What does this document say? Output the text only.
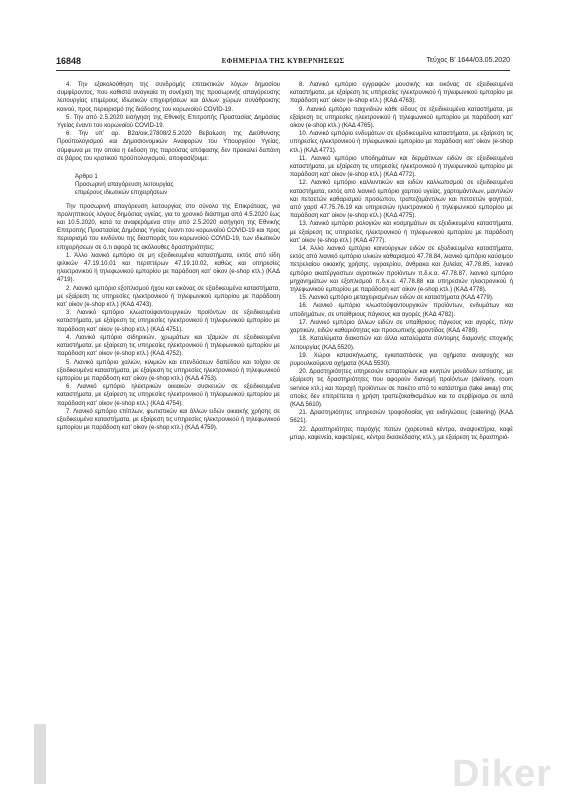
16848	ΕΦΗΜΕΡΙΔΑ ΤΗΣ ΚΥΒΕΡΝΗΣΕΩΣ	Τεύχος B’ 1644/03.05.2020

4. Την εξακολούθηση της συνδρομής επιτακτικών λόγων δημοσίου συμφέροντος, που καθιστά αναγκαία τη συνέχιση της προσωρινής απαγόρευσης λειτουργίας επιμέρους ιδιωτικών επιχειρήσεων και άλλων χώρων συνάθροισης κοινού, προς περιορισμό της διάδοσης του κορωνοϊού COVID-19.

5. Την από 2.5.2020 εισήγηση της Εθνικής Επιτροπής Προστασίας Δημόσιας Υγείας έναντι του κορωνοϊού COVID-19.

6. Την υπ’ αρ. Β2α/οικ.27808/2.5.2020 Βεβαίωση της Διεύθυνσης Προϋπολογισμού και Δημοσιονομικών Αναφορών του Υπουργείου Υγείας, σύμφωνα με την οποία η έκδοση της παρούσας απόφασης δεν προκαλεί δαπάνη σε βάρος του κρατικού προϋπολογισμού, αποφασίζουμε:

Άρθρο 1

Προσωρινή απαγόρευση λειτουργίας

επιμέρους ιδιωτικών επιχειρήσεων

Την προσωρινή απαγόρευση λειτουργίας στο σύνολο της Επικράτειας, για προληπτικούς λόγους δημόσιας υγείας, για το χρονικό διάστημα από 4.5.2020 έως και 10.5.2020, κατά τα αναφερόμενα στην από 2.5.2020 εισήγηση της Εθνικής Επιτροπής Προστασίας Δημόσιας Υγείας έναντι του κορωνοϊού COVID-19 και προς περιορισμό του κινδύνου της διασποράς του κορωνοϊού COVID-19, των ιδιωτικών επιχειρήσεων σε ό,τι αφορά τις ακόλουθες δραστηριότητες:

1. Άλλο λιανικό εμπόριο σε μη εξειδικευμένα καταστήματα, εκτός από είδη ψιλικών 47.19.10.01 και περιπτέρων 47.19.10.02, καθώς και υπηρεσίες ηλεκτρονικού ή τηλεφωνικού εμπορίου με παράδοση κατ’ οίκον (e-shop κτλ.) (ΚΑΔ 4719).

2. Λιανικό εμπόριο εξοπλισμού ήχου και εικόνας σε εξειδικευμένα καταστήματα, με εξαίρεση τις υπηρεσίες ηλεκτρονικού ή τηλεφωνικού εμπορίου με παράδοση κατ’ οίκον (e-shop κτλ.) (ΚΑΔ 4743).

3. Λιανικό εμπόριο κλωστοϋφαντουργικών προϊόντων σε εξειδικευμένα καταστήματα, με εξαίρεση τις υπηρεσίες ηλεκτρονικού ή τηλεφωνικού εμπορίου με παράδοση κατ’ οίκον (e-shop κτλ.) (ΚΑΔ 4751).

4. Λιανικό εμπόριο σιδηρικών, χρωμάτων και τζαμιών σε εξειδικευμένα καταστήματα, με εξαίρεση τις υπηρεσίες ηλεκτρονικού ή τηλεφωνικού εμπορίου με παράδοση κατ’ οίκον (e-shop κτλ.) (ΚΑΔ 4752).

5. Λιανικό εμπόριο χαλιών, κιλιμιών και επενδύσεων δαπέδου και τοίχου σε εξειδικευμένα καταστήματα, με εξαίρεση τις υπηρεσίες ηλεκτρονικού ή τηλεφωνικού εμπορίου με παράδοση κατ’ οίκον (e-shop κτλ.) (ΚΑΔ 4753).

6. Λιανικό εμπόριο ηλεκτρικών οικιακών συσκευών σε εξειδικευμένα καταστήματα, με εξαίρεση τις υπηρεσίες ηλεκτρονικού ή τηλεφωνικού εμπορίου με παράδοση κατ’ οίκον (e-shop κτλ.) (ΚΑΔ 4754).

7. Λιανικό εμπόριο επίπλων, φωτιστικών και άλλων ειδών οικιακής χρήσης σε εξειδικευμένα καταστήματα, με εξαίρεση τις υπηρεσίες ηλεκτρονικού ή τηλεφωνικού εμπορίου με παράδοση κατ’ οίκον (e-shop κτλ.) (ΚΑΔ 4759).

8. Λιανικό εμπόριο εγγραφών μουσικής και εικόνας σε εξειδικευμένα καταστήματα, με εξαίρεση τις υπηρεσίες ηλεκτρονικού ή τηλεφωνικού εμπορίου με παράδοση κατ’ οίκον (e-shop κτλ.) (ΚΑΔ 4763).

9. Λιανικό εμπόριο παιχνιδιών κάθε είδους σε εξειδικευμένα καταστήματα, με εξαίρεση τις υπηρεσίες ηλεκτρονικού ή τηλεφωνικού εμπορίου με παράδοση κατ’ οίκον (e-shop κτλ.) (ΚΑΔ 4765).

10. Λιανικό εμπόριο ενδυμάτων σε εξειδικευμένα καταστήματα, με εξαίρεση τις υπηρεσίες ηλεκτρονικού ή τηλεφωνικού εμπορίου με παράδοση κατ’ οίκον (e-shop κτλ.) (ΚΑΔ 4771).

11. Λιανικό εμπόριο υποδημάτων και δερμάτινων ειδών σε εξειδικευμένα καταστήματα, με εξαίρεση τις υπηρεσίες ηλεκτρονικού ή τηλεφωνικού εμπορίου με παράδοση κατ’ οίκον (e-shop κτλ.) (ΚΑΔ 4772).

12. Λιανικό εμπόριο καλλυντικών και ειδών καλλωπισμού σε εξειδικευμένα καταστήματα, εκτός από λιανικό εμπόριο χαρτιού υγείας, χαρτομάντιλων, μαντιλιών και πετσετών καθαρισμού προσώπου, τραπεζομάντιλων και πετσετών φαγητού, από χαρτί 47.75.76.19 και υπηρεσιών ηλεκτρονικού ή τηλεφωνικού εμπορίου με παράδοση κατ’ οίκον (e-shop κτλ.) (ΚΑΔ 4775).

13. Λιανικό εμπόριο ρολογιών και κοσμημάτων σε εξειδικευμένα καταστήματα, με εξαίρεση τις υπηρεσίες ηλεκτρονικού ή τηλεφωνικού εμπορίου με παράδοση κατ’ οίκον (e-shop κτλ.) (ΚΑΔ 4777).

14. Άλλο λιανικό εμπόριο καινούργιων ειδών σε εξειδικευμένα καταστήματα, εκτός από λιανικό εμπόριο υλικών καθαρισμού 47.78.84, λιανικό εμπόριο καύσιμου πετρελαίου οικιακής χρήσης, υγραερίου, άνθρακα και ξυλείας 47.78.85, λιανικό εμπόριο ακατέργαστων αγροτικών προϊόντων π.δ.κ.α. 47.78.87, λιανικό εμπόριο μηχανημάτων και εξοπλισμού π.δ.κ.α. 47.78.88 και υπηρεσιών ηλεκτρονικού ή τηλεφωνικού εμπορίου με παράδοση κατ’ οίκον (e-shop κτλ.) (ΚΑΔ 4778).

15. Λιανικό εμπόριο μεταχειρισμένων ειδών σε καταστήματα (ΚΑΔ 4779).

16. Λιανικό εμπόριο κλωστοϋφαντουργικών προϊόντων, ενδυμάτων και υποδημάτων, σε υπαίθριους πάγκους και αγορές (ΚΑΔ 4782).

17. Λιανικό εμπόριο άλλων ειδών σε υπαίθριους πάγκους και αγορές, πλην χαρτικών, ειδών καθαριότητας και προσωπικής φροντίδας (ΚΑΔ 4789).

18. Καταλύματα διακοπών και άλλα καταλύματα σύντομης διαμονής εποχικής λειτουργίας (ΚΑΔ 5520).

19. Χώροι κατασκήνωσης, εγκαταστάσεις για οχήματα αναψυχής και ρυμουλκούμενα οχήματα (ΚΑΔ 5530).

20. Δραστηριότητες υπηρεσιών εστιατορίων και κινητών μονάδων εστίασης, με εξαίρεση τις δραστηριότητες που αφορούν διανομή προϊόντων (delivery, room service κτλ.) και παροχή προϊόντων σε πακέτο από το κατάστημα (take away) στις οποίες δεν επιτρέπεται η χρήση τραπεζοκαθισμάτων και το σερβίρισμα σε αυτά (ΚΑΔ 5610).

21. Δραστηριότητες υπηρεσιών τροφοδοσίας για εκδηλώσεις (catering) (ΚΑΔ 5621).

22. Δραστηριότητες παροχής ποτών (χορευτικά κέντρα, αναψυκτήρια, καφέ μπαρ, καφενεία, καφετέριες, κέντρα διασκέδασης κτλ.), με εξαίρεση τις δραστηριό-

Diker
